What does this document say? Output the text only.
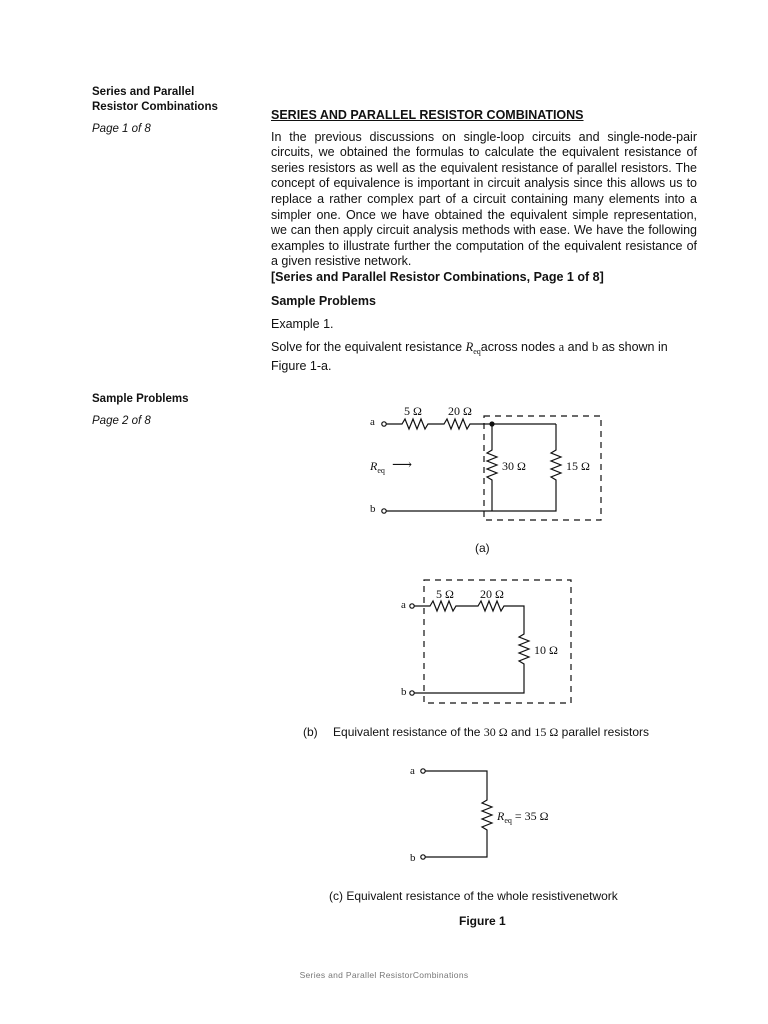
Series and Parallel
Resistor Combinations
Page 1 of 8
Sample Problems
Page 2 of 8
SERIES AND PARALLEL RESISTOR COMBINATIONS
In the previous discussions on single-loop circuits and single-node-pair circuits, we obtained the formulas to calculate the equivalent resistance of series resistors as well as the equivalent resistance of parallel resistors. The concept of equivalence is important in circuit analysis since this allows us to replace a rather complex part of a circuit containing many elements into a simpler one. Once we have obtained the equivalent simple representation, we can then apply circuit analysis methods with ease. We have the following examples to illustrate further the computation of the equivalent resistance of a given resistive network.
[Series and Parallel Resistor Combinations, Page 1 of 8]
Sample Problems
Example 1.
Solve for the equivalent resistance $R_{eq}across$ nodes a and b as shown in Figure 1-a.
5 Ω 20 Ω
a
b
30 Ω	15 Ω
$R_{eq}$ ⟶
(a)
5 Ω 20 Ω
10 Ω
a
b
(b) Equivalent resistance of the 30 Ω and 15 Ω parallel resistors
a
b
$R_{eq} = 35$ Ω
(c) Equivalent resistance of the whole resistivenetwork
Figure 1
Series and Parallel ResistorCombinations
